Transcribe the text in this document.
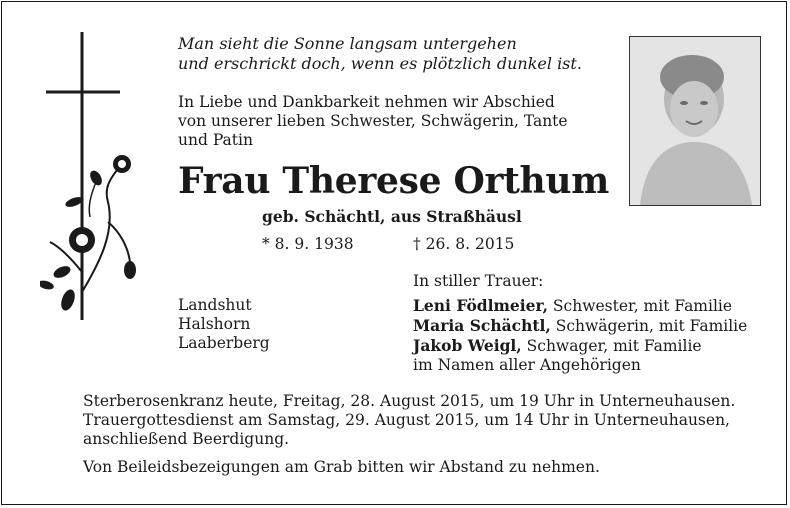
Man sieht die Sonne langsam untergehen
und erschrickt doch, wenn es plötzlich dunkel ist.
In Liebe und Dankbarkeit nehmen wir Abschied
von unserer lieben Schwester, Schwägerin, Tante
und Patin
Frau Therese Orthum
geb. Schächtl, aus Straßhäusl
* 8. 9. 1938	† 26. 8. 2015
In stiller Trauer:
Landshut
Halshorn
Laaberberg
Leni Födlmeier, Schwester, mit Familie
Maria Schächtl, Schwägerin, mit Familie
Jakob Weigl, Schwager, mit Familie
im Namen aller Angehörigen
Sterberosenkranz heute, Freitag, 28. August 2015, um 19 Uhr in Unterneuhausen.
Trauergottesdienst am Samstag, 29. August 2015, um 14 Uhr in Unterneuhausen,
anschließend Beerdigung.
Von Beileidsbezeigungen am Grab bitten wir Abstand zu nehmen.
